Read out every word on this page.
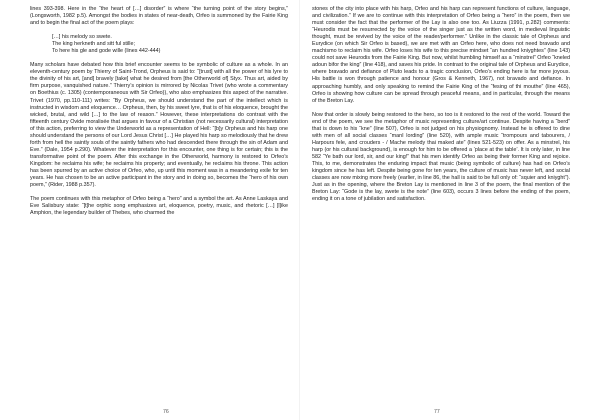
lines 393-398. Here in the “the heart of […] disorder” is where “the turning point of the story begins,” (Longsworth, 1982 p.5). Amongst the bodies in states of near-death, Orfeo is summoned by the Fairie King and to begin the final act of the poem plays:

[…] his melody so swete.
The king herkneth and sitt ful stille;
To here his gle and gode wille (lines 442-444)

Many scholars have debated how this brief encounter seems to be symbolic of culture as a whole. In an eleventh-century poem by Thierry of Saint-Trond, Orpheus is said to: “[trust] with all the power of his lyre to the divinity of his art, [and] bravely [take] what he desired from [the Otherworld of] Styx. Thus art, aided by firm purpose, vanquished nature.” Thierry’s opinion is mirrored by Nicolas Trivet (who wrote a commentary on Boethius (c. 1305) (contemporaneous with Sir Orfeo)), who also emphasizes this aspect of the narrative. Trivet (1970, pp.110-111) writes: “By Orpheus, we should understand the part of the intellect which is instructed in wisdom and eloquence… Orpheus, then, by his sweet lyre, that is of his eloquence, brought the wicked, brutal, and wild […] to the law of reason.” However, these interpretations do contrast with the fifteenth century Ovide moralisée that argues in favour of a Christian (not necessarily cultural) interpretation of this action, preferring to view the Underworld as a representation of Hell: “[b]y Orpheus and his harp one should understand the persons of our Lord Jesus Christ […] He played his harp so melodiously that he drew forth from hell the saintly souls of the saintly fathers who had descended there through the sin of Adam and Eve.” (Dale, 1954 p.290). Whatever the interpretation for this encounter, one thing is for certain; this is the transformative point of the poem. After this exchange in the Otherworld, harmony is restored to Orfeo’s Kingdom: he reclaims his wife; he reclaims his property; and eventually, he reclaims his throne. This action has been spurred by an active choice of Orfeo, who, up until this moment was in a meandering exile for ten years. He has chosen to be an active participant in the story and in doing so, becomes the “hero of his own poem,” (Rider, 1988 p.357).

The poem continues with this metaphor of Orfeo being a “hero” and a symbol the art. As Anne Laskaya and Eve Salisbury state: “[t]he orphic song emphasizes art, eloquence, poetry, music, and rhetoric […] [l]ike Amphion, the legendary builder of Thebes, who charmed the

stones of the city into place with his harp, Orfeo and his harp can represent functions of culture, language, and civilization.” If we are to continue with this interpretation of Orfeo being a “hero” in the poem, then we must consider the fact that the performer of the Lay is also one too. As Liuzza (1991, p.282) comments: “Heurodis must be resurrected by the voice of the singer just as the written word, in medieval linguistic thought, must be revived by the voice of the reader/performer.” Unlike in the classic tale of Orpheus and Eurydice (on which Sir Orfeo is based), we are met with an Orfeo here, who does not need bravado and machismo to reclaim his wife. Orfeo loses his wife to this precise mindset “an hundred kniyghtes” (line 143) could not save Heurodis from the Fairie King. But now, whilst humbling himself as a “minstrel” Orfeo “kneled adoun bifor the king” (line 418), and saves his pride. In contrast to the original tale of Orpheus and Eurydice, where bravado and defiance of Pluto leads to a tragic conclusion, Orfeo’s ending here is far more joyous. His battle is won through patience and honour (Gros & Kenneth, 1967), not bravado and defiance. In approaching humbly, and only speaking to remind the Fairie King of the “fesing of thi mouthe” (line 465), Orfeo is showing how culture can be spread through peaceful means, and in particular, through the means of the Breton Lay.

Now that order is slowly being restored to the hero, so too is it restored to the rest of the world. Toward the end of the poem, we see the metaphor of music representing culture/art continue. Despite having a “berd” that is down to his “kne” (line 507), Orfeo is not judged on his physiognomy. Instead he is offered to dine with men of all social classes “manI lording” (line 520), with ample music “trompours and tabourers, / Harpours fele, and crouders - / Mache melody thai maked ate” (lines 521-523) on offer. As a minstrel, his harp (or his cultural background), is enough for him to be offered a ‘place at the table’. It is only later, in line 582 “Ye bath our lord, sir, and our king!” that his men identify Orfeo as being their former King and rejoice. This, to me, demonstrates the enduring impact that music (being symbolic of culture) has had on Orfeo’s kingdom since he has left. Despite being gone for ten years, the culture of music has never left, and social classes are now mixing more freely (earlier, in line 86, the hall is said to be full only of: “squier and kniyght”). Just as in the opening, where the Breton Lay is mentioned in line 3 of the poem, the final mention of the Breton Lay: “Gode is the lay, swete is the note” (line 603), occurs 3 lines before the ending of the poem, ending it on a tone of jubilation and satisfaction.

76	77
